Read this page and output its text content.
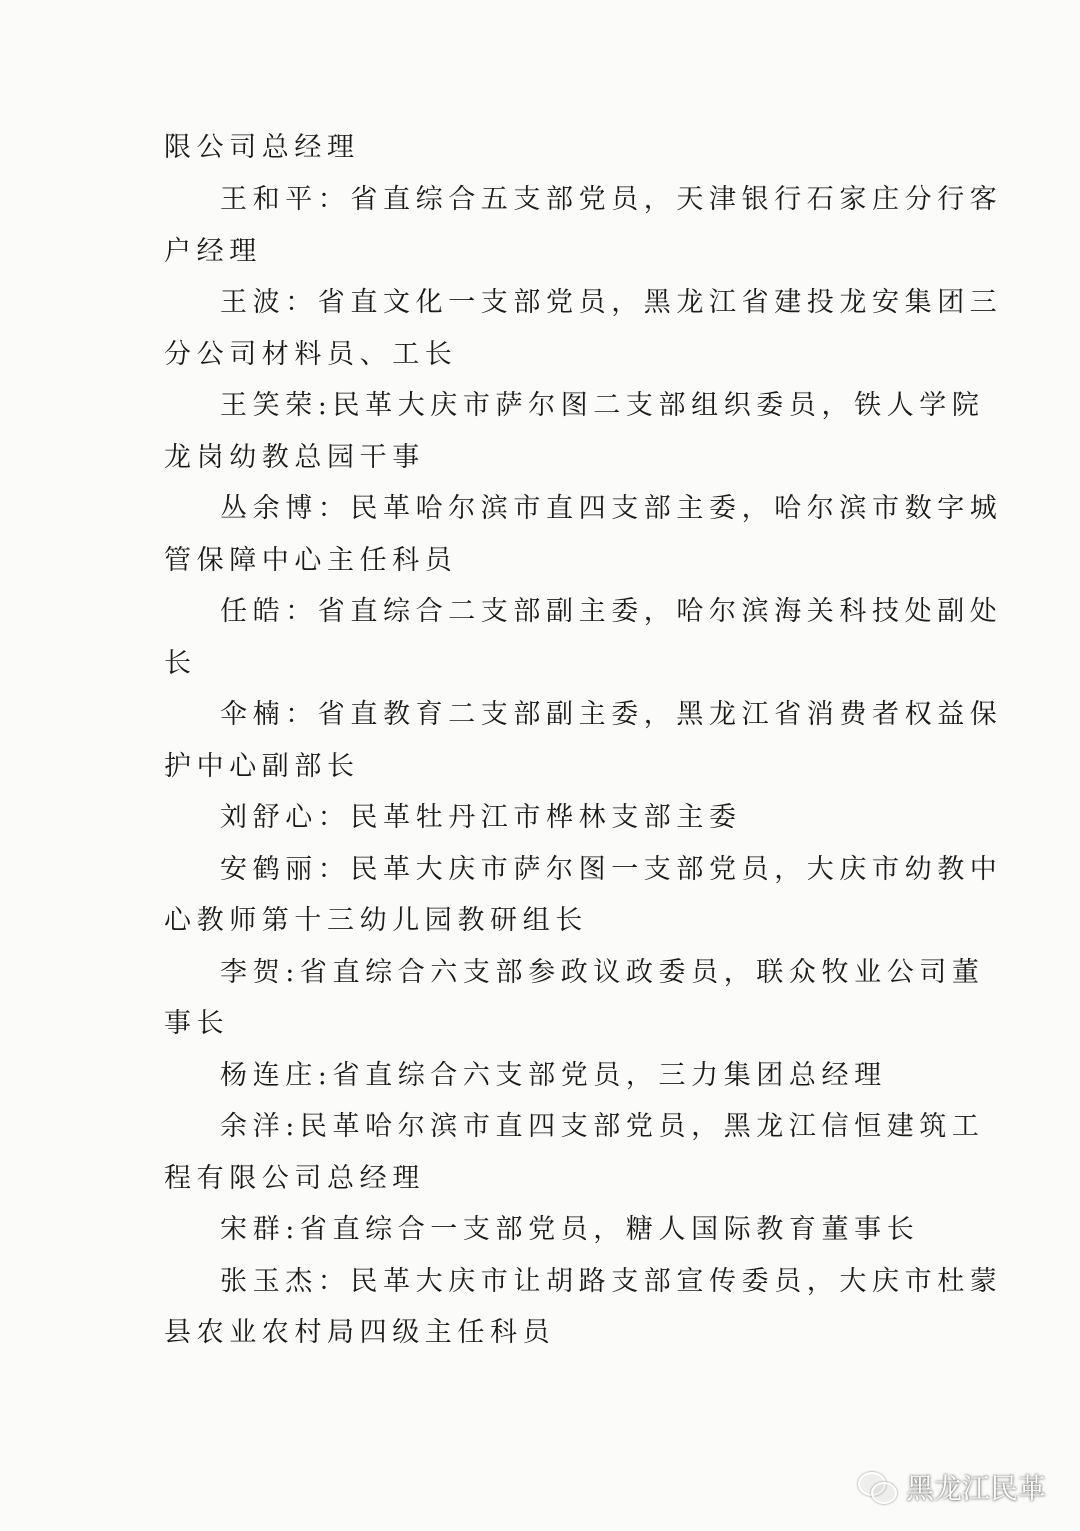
限公司总经理
王和平：省直综合五支部党员，天津银行石家庄分行客
户经理
王波：省直文化一支部党员，黑龙江省建投龙安集团三
分公司材料员、工长
王笑荣:民革大庆市萨尔图二支部组织委员，铁人学院
龙岗幼教总园干事
丛余博：民革哈尔滨市直四支部主委，哈尔滨市数字城
管保障中心主任科员
任皓：省直综合二支部副主委，哈尔滨海关科技处副处
长
伞楠：省直教育二支部副主委，黑龙江省消费者权益保
护中心副部长
刘舒心：民革牡丹江市桦林支部主委
安鹤丽：民革大庆市萨尔图一支部党员，大庆市幼教中
心教师第十三幼儿园教研组长
李贺:省直综合六支部参政议政委员，联众牧业公司董
事长
杨连庄:省直综合六支部党员，三力集团总经理
余洋:民革哈尔滨市直四支部党员，黑龙江信恒建筑工
程有限公司总经理
宋群:省直综合一支部党员，糖人国际教育董事长
张玉杰：民革大庆市让胡路支部宣传委员，大庆市杜蒙
县农业农村局四级主任科员
黑龙江民革
